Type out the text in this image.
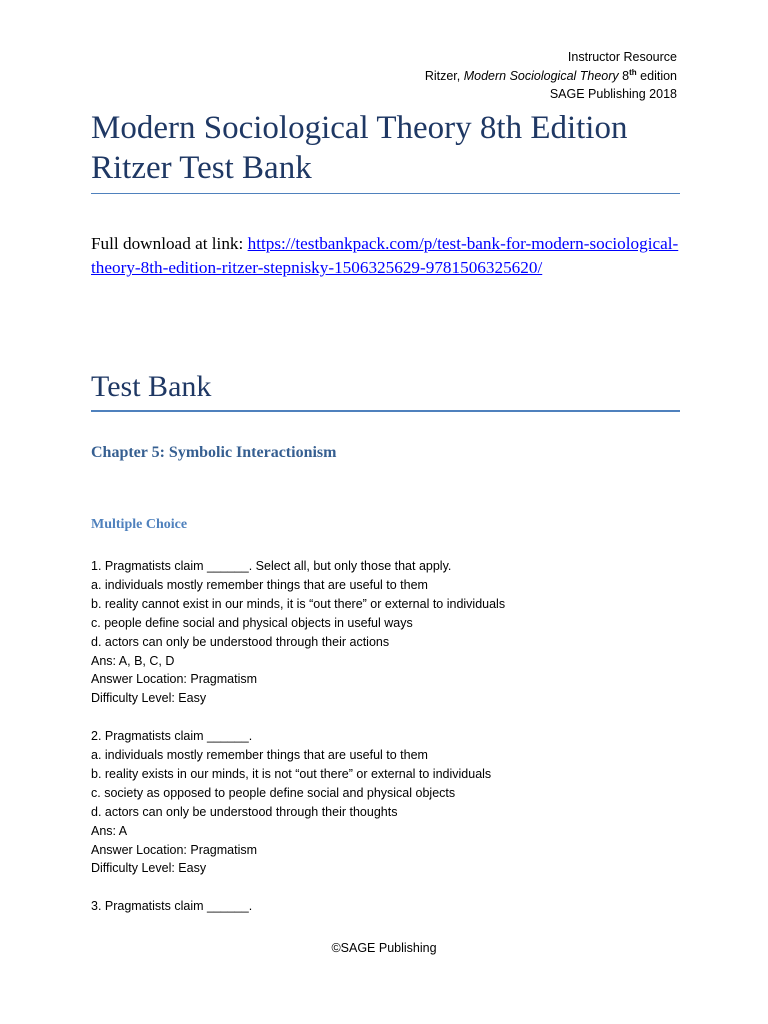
Instructor Resource
Ritzer, Modern Sociological Theory 8th edition
SAGE Publishing 2018
Modern Sociological Theory 8th Edition Ritzer Test Bank
Full download at link: https://testbankpack.com/p/test-bank-for-modern-sociological-theory-8th-edition-ritzer-stepnisky-1506325629-9781506325620/
Test Bank
Chapter 5: Symbolic Interactionism
Multiple Choice
1. Pragmatists claim ______. Select all, but only those that apply.
a. individuals mostly remember things that are useful to them
b. reality cannot exist in our minds, it is “out there” or external to individuals
c. people define social and physical objects in useful ways
d. actors can only be understood through their actions
Ans: A, B, C, D
Answer Location: Pragmatism
Difficulty Level: Easy
2. Pragmatists claim ______.
a. individuals mostly remember things that are useful to them
b. reality exists in our minds, it is not “out there” or external to individuals
c. society as opposed to people define social and physical objects
d. actors can only be understood through their thoughts
Ans: A
Answer Location: Pragmatism
Difficulty Level: Easy
3. Pragmatists claim ______.
©SAGE Publishing
